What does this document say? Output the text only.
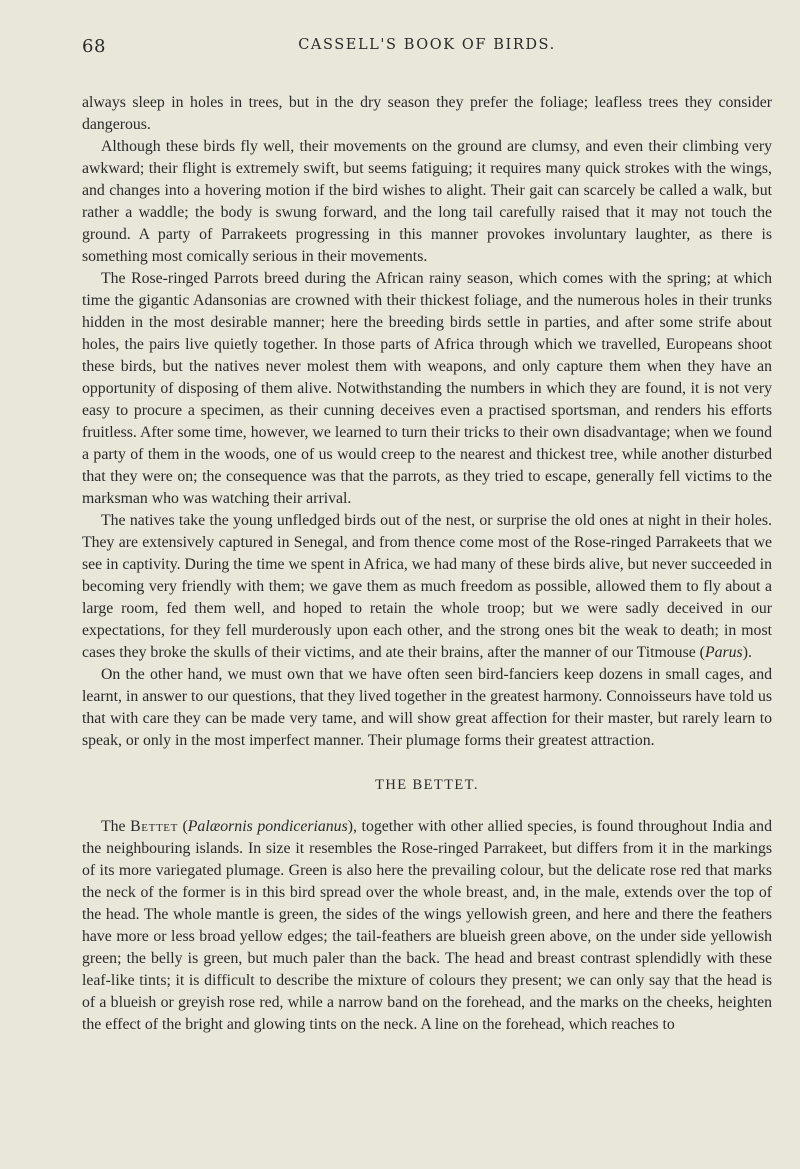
68	CASSELL'S BOOK OF BIRDS.

always sleep in holes in trees, but in the dry season they prefer the foliage; leafless trees they consider dangerous.

Although these birds fly well, their movements on the ground are clumsy, and even their climbing very awkward; their flight is extremely swift, but seems fatiguing; it requires many quick strokes with the wings, and changes into a hovering motion if the bird wishes to alight. Their gait can scarcely be called a walk, but rather a waddle; the body is swung forward, and the long tail carefully raised that it may not touch the ground. A party of Parrakeets progressing in this manner provokes involuntary laughter, as there is something most comically serious in their movements.

The Rose-ringed Parrots breed during the African rainy season, which comes with the spring; at which time the gigantic Adansonias are crowned with their thickest foliage, and the numerous holes in their trunks hidden in the most desirable manner; here the breeding birds settle in parties, and after some strife about holes, the pairs live quietly together. In those parts of Africa through which we travelled, Europeans shoot these birds, but the natives never molest them with weapons, and only capture them when they have an opportunity of disposing of them alive. Notwithstanding the numbers in which they are found, it is not very easy to procure a specimen, as their cunning deceives even a practised sportsman, and renders his efforts fruitless. After some time, however, we learned to turn their tricks to their own disadvantage; when we found a party of them in the woods, one of us would creep to the nearest and thickest tree, while another disturbed that they were on; the consequence was that the parrots, as they tried to escape, generally fell victims to the marksman who was watching their arrival.

The natives take the young unfledged birds out of the nest, or surprise the old ones at night in their holes. They are extensively captured in Senegal, and from thence come most of the Rose-ringed Parrakeets that we see in captivity. During the time we spent in Africa, we had many of these birds alive, but never succeeded in becoming very friendly with them; we gave them as much freedom as possible, allowed them to fly about a large room, fed them well, and hoped to retain the whole troop; but we were sadly deceived in our expectations, for they fell murderously upon each other, and the strong ones bit the weak to death; in most cases they broke the skulls of their victims, and ate their brains, after the manner of our Titmouse (Parus).

On the other hand, we must own that we have often seen bird-fanciers keep dozens in small cages, and learnt, in answer to our questions, that they lived together in the greatest harmony. Connoisseurs have told us that with care they can be made very tame, and will show great affection for their master, but rarely learn to speak, or only in the most imperfect manner. Their plumage forms their greatest attraction.

THE BETTET.

The Bettet (Palæornis pondicerianus), together with other allied species, is found throughout India and the neighbouring islands. In size it resembles the Rose-ringed Parrakeet, but differs from it in the markings of its more variegated plumage. Green is also here the prevailing colour, but the delicate rose red that marks the neck of the former is in this bird spread over the whole breast, and, in the male, extends over the top of the head. The whole mantle is green, the sides of the wings yellowish green, and here and there the feathers have more or less broad yellow edges; the tail-feathers are blueish green above, on the under side yellowish green; the belly is green, but much paler than the back. The head and breast contrast splendidly with these leaf-like tints; it is difficult to describe the mixture of colours they present; we can only say that the head is of a blueish or greyish rose red, while a narrow band on the forehead, and the marks on the cheeks, heighten the effect of the bright and glowing tints on the neck. A line on the forehead, which reaches to
